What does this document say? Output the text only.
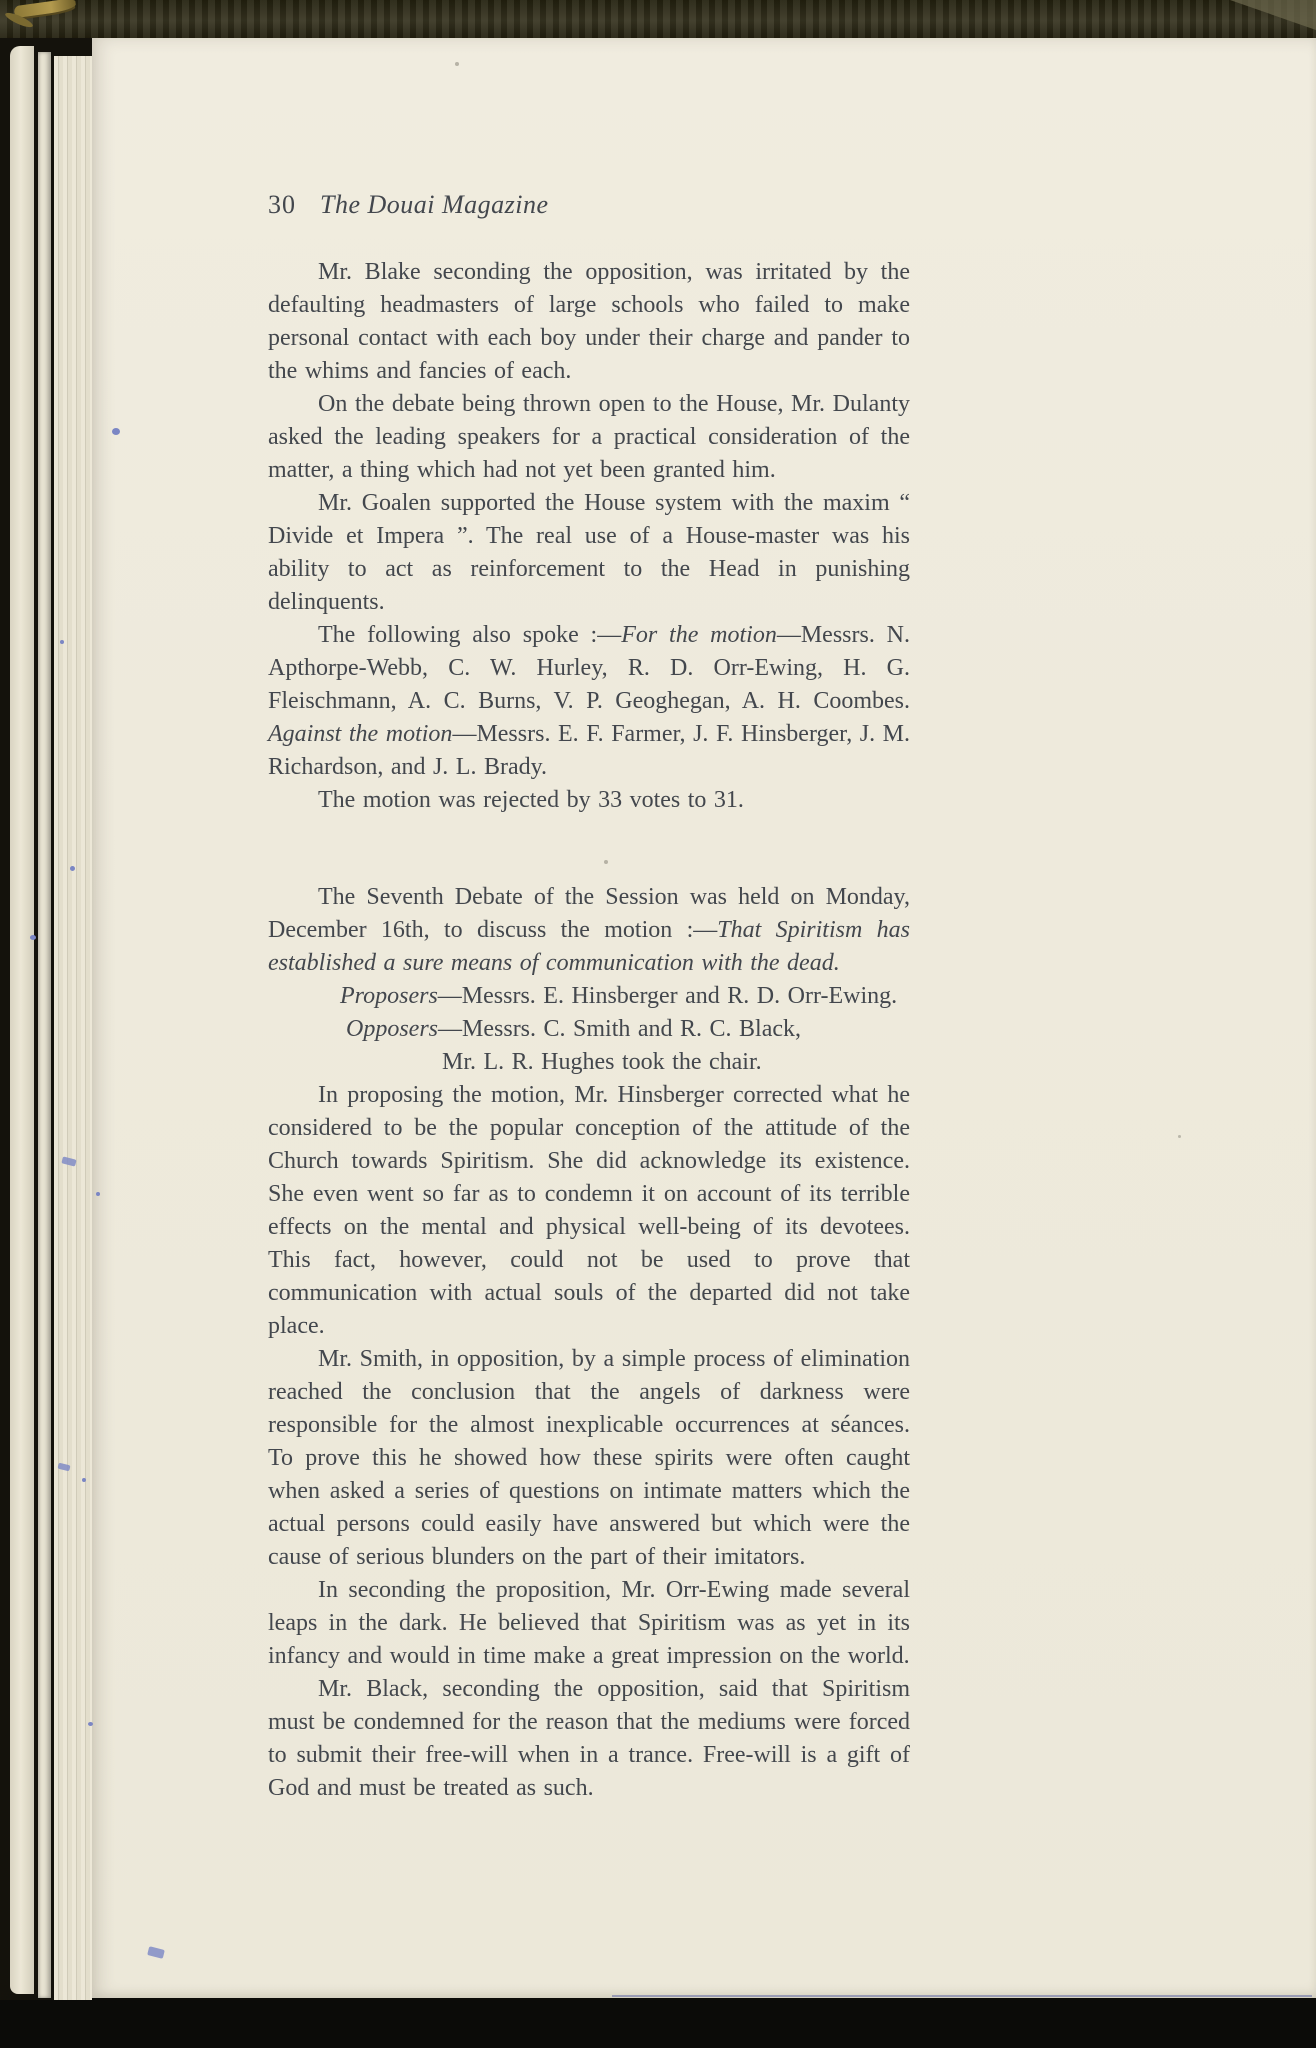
30 The Douai Magazine

Mr. Blake seconding the opposition, was irritated by the defaulting headmasters of large schools who failed to make personal contact with each boy under their charge and pander to the whims and fancies of each.

On the debate being thrown open to the House, Mr. Dulanty asked the leading speakers for a practical consideration of the matter, a thing which had not yet been granted him.

Mr. Goalen supported the House system with the maxim “ Divide et Impera ”. The real use of a House-master was his ability to act as reinforcement to the Head in punishing delinquents.

The following also spoke :—For the motion—Messrs. N. Apthorpe-Webb, C. W. Hurley, R. D. Orr-Ewing, H. G. Fleischmann, A. C. Burns, V. P. Geoghegan, A. H. Coombes. Against the motion—Messrs. E. F. Farmer, J. F. Hinsberger, J. M. Richardson, and J. L. Brady.

The motion was rejected by 33 votes to 31.

The Seventh Debate of the Session was held on Monday, December 16th, to discuss the motion :—That Spiritism has established a sure means of communication with the dead.

Proposers—Messrs. E. Hinsberger and R. D. Orr-Ewing.

Opposers—Messrs. C. Smith and R. C. Black,

Mr. L. R. Hughes took the chair.

In proposing the motion, Mr. Hinsberger corrected what he considered to be the popular conception of the attitude of the Church towards Spiritism. She did acknowledge its existence. She even went so far as to condemn it on account of its terrible effects on the mental and physical well-being of its devotees. This fact, however, could not be used to prove that communication with actual souls of the departed did not take place.

Mr. Smith, in opposition, by a simple process of elimination reached the conclusion that the angels of darkness were responsible for the almost inexplicable occurrences at séances. To prove this he showed how these spirits were often caught when asked a series of questions on intimate matters which the actual persons could easily have answered but which were the cause of serious blunders on the part of their imitators.

In seconding the proposition, Mr. Orr-Ewing made several leaps in the dark. He believed that Spiritism was as yet in its infancy and would in time make a great impression on the world.

Mr. Black, seconding the opposition, said that Spiritism must be condemned for the reason that the mediums were forced to submit their free-will when in a trance. Free-will is a gift of God and must be treated as such.
